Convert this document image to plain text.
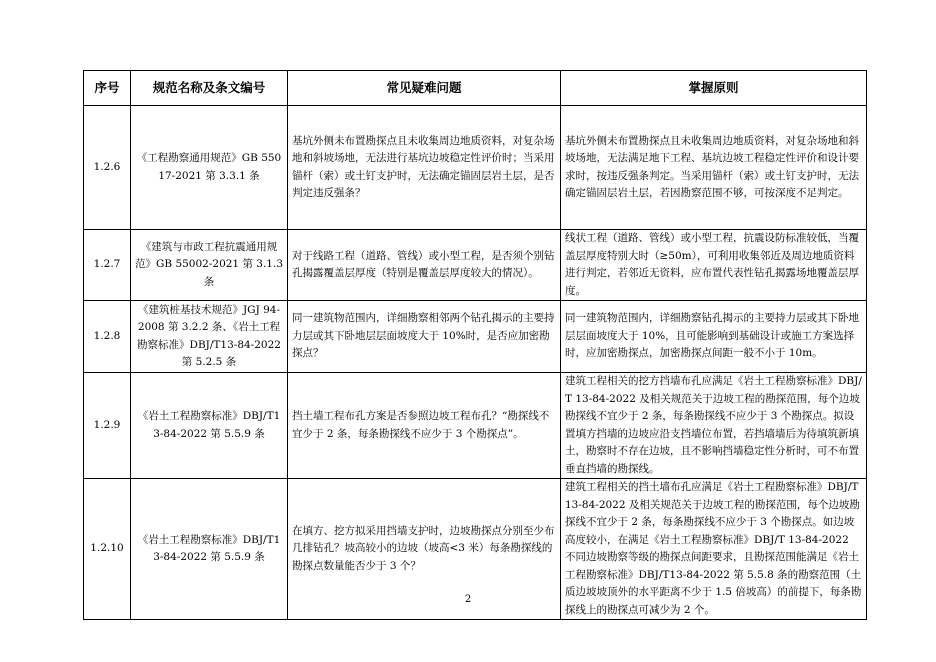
序号	规范名称及条文编号	常见疑难问题	掌握原则
1.2.6	《工程勘察通用规范》GB 55017-2021 第 3.3.1 条	基坑外侧未布置勘探点且未收集周边地质资料，对复杂场地和斜坡场地，无法进行基坑边坡稳定性评价时；当采用锚杆（索）或土钉支护时，无法确定锚固层岩土层，是否判定违反强条？	基坑外侧未布置勘探点且未收集周边地质资料，对复杂场地和斜坡场地，无法满足地下工程、基坑边坡工程稳定性评价和设计要求时，按违反强条判定。当采用锚杆（索）或土钉支护时，无法确定锚固层岩土层，若因勘察范围不够，可按深度不足判定。
1.2.7	《建筑与市政工程抗震通用规范》GB 55002-2021 第 3.1.3 条	对于线路工程（道路、管线）或小型工程，是否须个别钻孔揭露覆盖层厚度（特别是覆盖层厚度较大的情况）。	线状工程（道路、管线）或小型工程，抗震设防标准较低，当覆盖层厚度特别大时（≥50m），可利用收集邻近及周边地质资料进行判定，若邻近无资料，应布置代表性钻孔揭露场地覆盖层厚度。
1.2.8	《建筑桩基技术规范》JGJ 94-2008 第 3.2.2 条、《岩土工程勘察标准》DBJ/T13-84-2022 第 5.2.5 条	同一建筑物范围内，详细勘察相邻两个钻孔揭示的主要持力层或其下卧地层层面坡度大于 10%时，是否应加密勘探点？	同一建筑物范围内，详细勘察钻孔揭示的主要持力层或其下卧地层层面坡度大于 10%，且可能影响到基础设计或施工方案选择时，应加密勘探点，加密勘探点间距一般不小于 10m。
1.2.9	《岩土工程勘察标准》DBJ/T13-84-2022 第 5.5.9 条	挡土墙工程布孔方案是否参照边坡工程布孔？“勘探线不宜少于 2 条，每条勘探线不应少于 3 个勘探点”。	建筑工程相关的挖方挡墙布孔应满足《岩土工程勘察标准》DBJ/T 13-84-2022 及相关规范关于边坡工程的勘探范围，每个边坡勘探线不宜少于 2 条，每条勘探线不应少于 3 个勘探点。拟设置填方挡墙的边坡应沿支挡墙位布置，若挡墙墙后为待填筑新填土，勘察时不存在边坡，且不影响挡墙稳定性分析时，可不布置垂直挡墙的勘探线。
1.2.10	《岩土工程勘察标准》DBJ/T13-84-2022 第 5.5.9 条	在填方、挖方拟采用挡墙支护时，边坡勘探点分别至少布几排钻孔？坡高较小的边坡（坡高<3 米）每条勘探线的勘探点数量能否少于 3 个？	建筑工程相关的挡土墙布孔应满足《岩土工程勘察标准》DBJ/T 13-84-2022 及相关规范关于边坡工程的勘探范围，每个边坡勘探线不宜少于 2 条，每条勘探线不应少于 3 个勘探点。如边坡高度较小，在满足《岩土工程勘察标准》DBJ/T 13-84-2022 不同边坡勘察等级的勘探点间距要求，且勘探范围能满足《岩土工程勘察标准》DBJ/T13-84-2022 第 5.5.8 条的勘察范围（土质边坡坡顶外的水平距离不少于 1.5 倍坡高）的前提下，每条勘探线上的勘探点可减少为 2 个。
2
